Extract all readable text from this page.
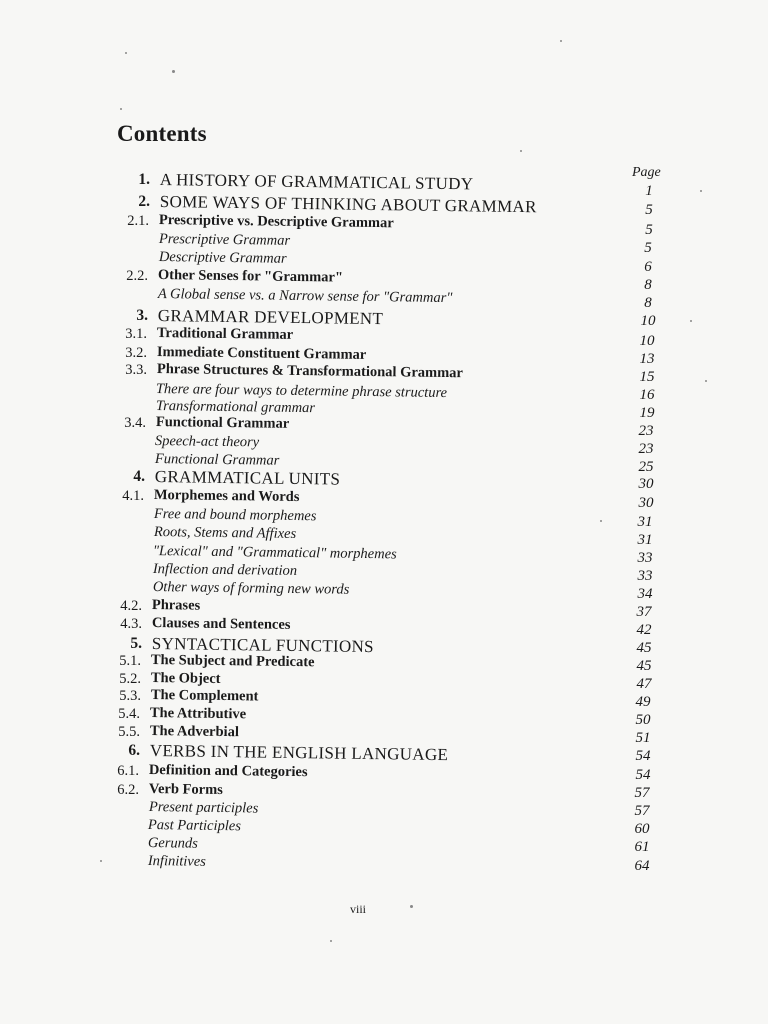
Contents
Page
1. A HISTORY OF GRAMMATICAL STUDY
2. SOME WAYS OF THINKING ABOUT GRAMMAR
2.1. Prescriptive vs. Descriptive Grammar
Prescriptive Grammar
Descriptive Grammar
2.2. Other Senses for "Grammar"
A Global sense vs. a Narrow sense for "Grammar"
3. GRAMMAR DEVELOPMENT
3.1. Traditional Grammar
3.2. Immediate Constituent Grammar
3.3. Phrase Structures & Transformational Grammar
There are four ways to determine phrase structure
Transformational grammar
3.4. Functional Grammar
Speech-act theory
Functional Grammar
4. GRAMMATICAL UNITS
4.1. Morphemes and Words
Free and bound morphemes
Roots, Stems and Affixes
"Lexical" and "Grammatical" morphemes
Inflection and derivation
Other ways of forming new words
4.2. Phrases
4.3. Clauses and Sentences
5. SYNTACTICAL FUNCTIONS
5.1. The Subject and Predicate
5.2. The Object
5.3. The Complement
5.4. The Attributive
5.5. The Adverbial
6. VERBS IN THE ENGLISH LANGUAGE
6.1. Definition and Categories
6.2. Verb Forms
Present participles
Past Participles
Gerunds
Infinitives
1
5
5
5
6
8
8
10
10
13
15
16
19
23
23
25
30
30
31
31
33
33
34
37
42
45
45
47
49
50
51
54
54
57
57
60
61
64
viii
